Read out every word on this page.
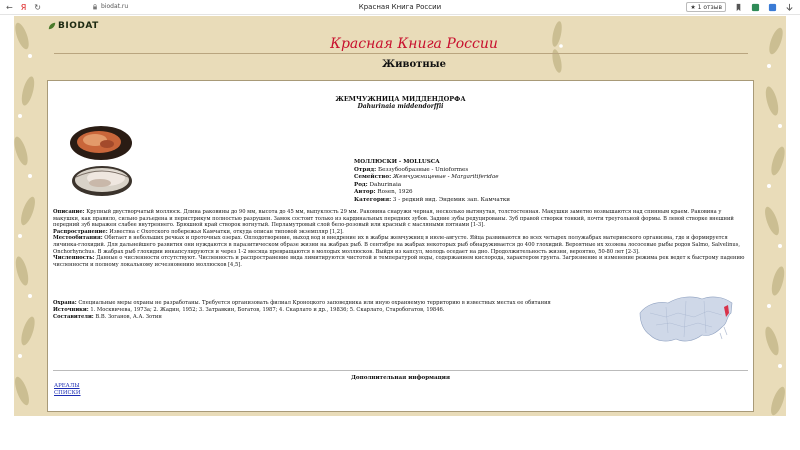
← Я ↻	biodat.ru	Красная Книга России	★ 1 отзыв
BIODAT
Красная Книга России
Животные
ЖЕМЧУЖНИЦА МИДДЕНДОРФА
Dahurinaia middendorffii
МОЛЛЮСКИ - MOLLUSCA
Отряд: Беззубообразные - Unioformes
Семейство: Жемчужницевые - Margaritiferidae
Род: Dahurinaia
Автор: Rosen, 1926
Категория: 3 - редкий вид. Эндемик зап. Камчатки

Описание: Крупный двустворчатый моллюск. Длина раковины до 90 мм, высота до 45 мм, выпуклость 29 мм. Раковина снаружи черная, несколько вытянутая, толстостенная. Макушки заметно возвышаются над спинным краем. Раковина у макушки, как правило, сильно разъедена и перистрикум полностью разрушен. Замок состоит только из кардинальных передних зубов. Задние зубы редуцированы. Зуб правой створки тонкий, почти треугольной формы. В левой створке внешний передний зуб выражен слабее внутреннего. Брюшной край створок вогнутый. Перламутровый слой бело-розовый или красный с масляными пятнами [1-3].

Распространение: Известна с Охотского побережья Камчатки, откуда описан типовой экземпляр [1,2].

Местообитания: Обитает в небольших речках и проточных озерах. Оплодотворение, выход вод и внедрение их в жабры жемчужниц в июле-августе. Яйца развиваются во всех четырех полужабрах материнского организма, где и формируется личинка-глохидий. Для дальнейшего развития они нуждаются в паразитическом образе жизни на жабрах рыб. В сентябре на жабрах некоторых рыб обнаруживается до 400 глохидий. Вероятные их хозяева лососевые рыбы родов Salmo, Salvelinus, Onchorhynchus. В жабрах рыб глохидии инкапсулируются и через 1-2 месяца превращаются в молодых моллюсков. Выйдя из капсул, молодь оседает на дно. Продолжительность жизни, вероятно, 50-80 лет [2-3].

Численность: Данные о численности отсутствуют. Численность и распространение вида лимитируются чистотой и температурой воды, содержанием кислорода, характером грунта. Загрязнение и изменение режима рек ведет к быстрому падению численности и полному локальному исчезновению моллюсков [4,5].

Охрана: Специальные меры охраны не разработаны. Требуется организовать филиал Кроноцкого заповедника или иную охраняемую территорию в известных местах ее обитания

Источники: 1. Москвичева, 1973а; 2. Жадин, 1952; 3. Затравкин, Богатов, 1987; 4. Скарлато и др., 19836; 5. Скарлато, Старобогатов, 19846.

Составители: В.В. Зоганов, А.А. Зотин

Дополнительная информация
АРЕАЛЫ
СПИСКИ
